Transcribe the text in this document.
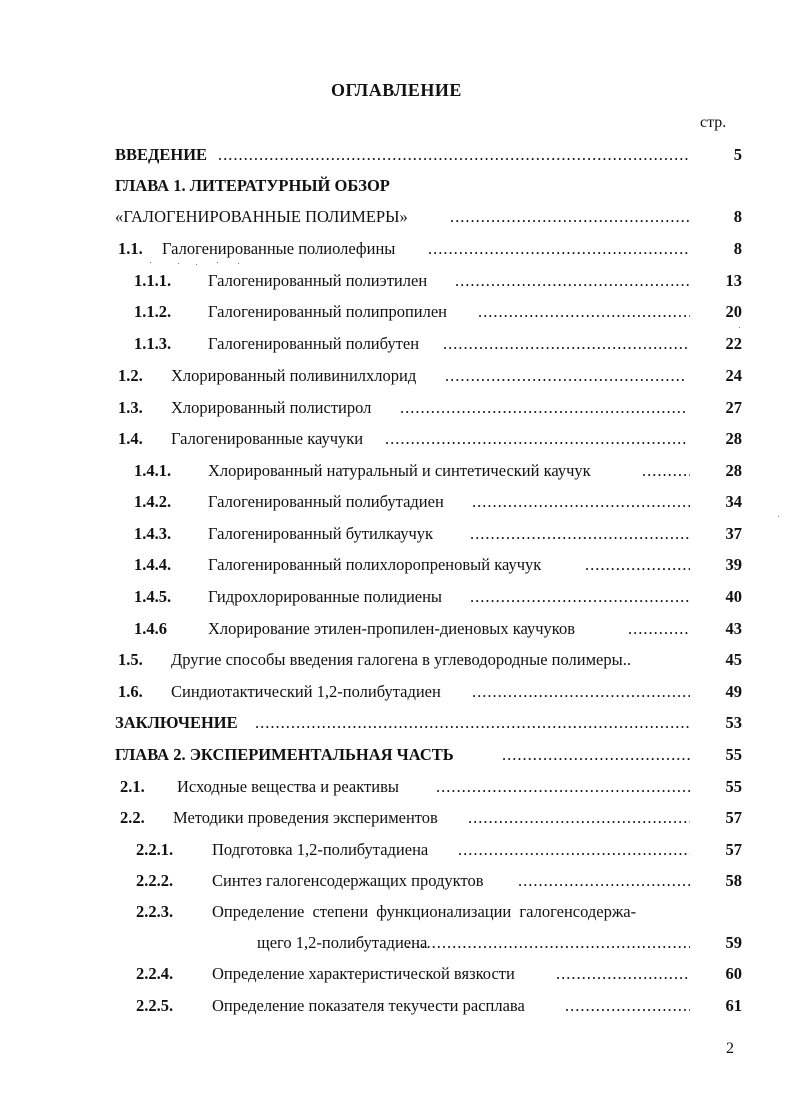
ОГЛАВЛЕНИЕ
стр.
ВВЕДЕНИЕ .....	5
ГЛАВА 1. ЛИТЕРАТУРНЫЙ ОБЗОР
«ГАЛОГЕНИРОВАННЫЕ ПОЛИМЕРЫ» .....	8
1.1. Галогенированные полиолефины .....	8
1.1.1. Галогенированный полиэтилен .....	13
1.1.2. Галогенированный полипропилен .....	20
1.1.3. Галогенированный полибутен .....	22
1.2. Хлорированный поливинилхлорид .....	24
1.3. Хлорированный полистирол .....	27
1.4. Галогенированные каучуки .....	28
1.4.1. Хлорированный натуральный и синтетический каучук .....	28
1.4.2. Галогенированный полибутадиен .....	34
1.4.3. Галогенированный бутилкаучук .....	37
1.4.4. Галогенированный полихлоропреновый каучук .....	39
1.4.5. Гидрохлорированные полидиены .....	40
1.4.6 Хлорирование этилен-пропилен-диеновых каучуков .....	43
1.5. Другие способы введения галогена в углеводородные полимеры..	45
1.6. Синдиотактический 1,2-полибутадиен .....	49
ЗАКЛЮЧЕНИЕ .....	53
ГЛАВА 2. ЭКСПЕРИМЕНТАЛЬНАЯ ЧАСТЬ .....	55
2.1. Исходные вещества и реактивы .....	55
2.2. Методики проведения экспериментов .....	57
2.2.1. Подготовка 1,2-полибутадиена .....	57
2.2.2. Синтез галогенсодержащих продуктов .....	58
2.2.3. Определение степени функционализации галогенсодержа-
щего 1,2-полибутадиена .....	59
2.2.4. Определение характеристической вязкости .....	60
2.2.5. Определение показателя текучести расплава .....	61
2
